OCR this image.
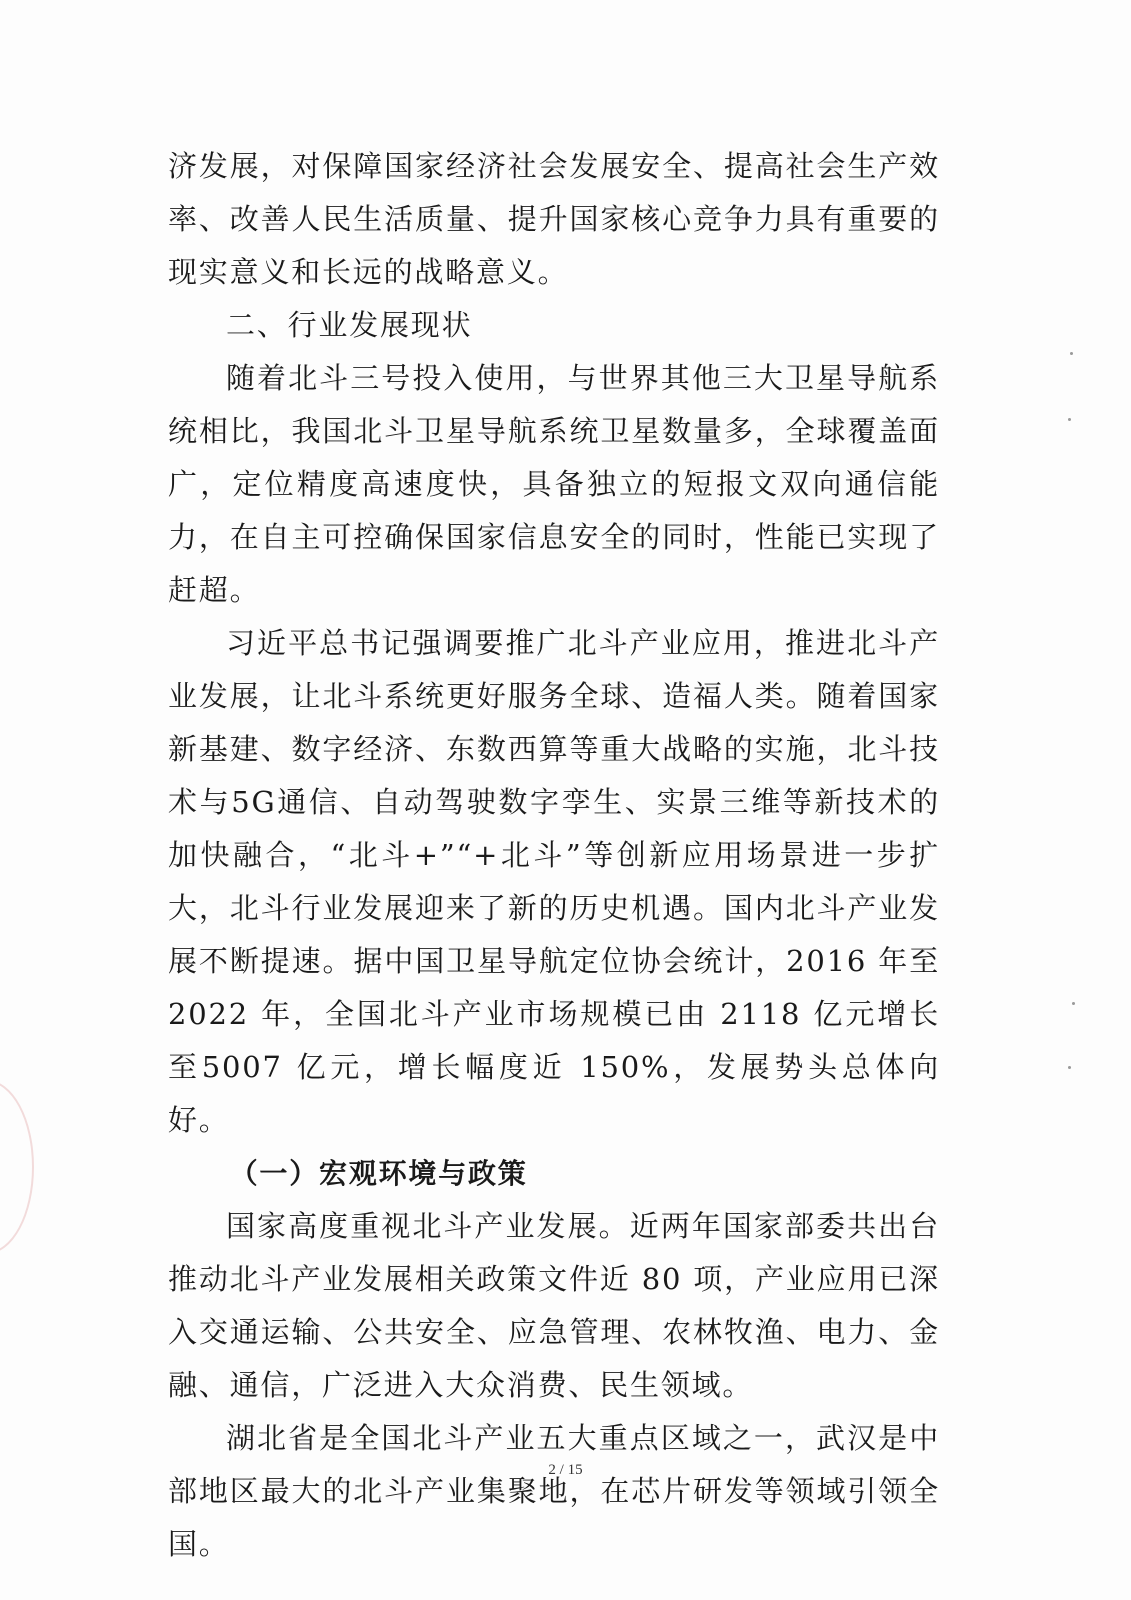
济发展，对保障国家经济社会发展安全、提高社会生产效率、改善人民生活质量、提升国家核心竞争力具有重要的现实意义和长远的战略意义。

二、行业发展现状

随着北斗三号投入使用，与世界其他三大卫星导航系统相比，我国北斗卫星导航系统卫星数量多，全球覆盖面广，定位精度高速度快，具备独立的短报文双向通信能力，在自主可控确保国家信息安全的同时，性能已实现了赶超。

习近平总书记强调要推广北斗产业应用，推进北斗产业发展，让北斗系统更好服务全球、造福人类。随着国家新基建、数字经济、东数西算等重大战略的实施，北斗技术与5G通信、自动驾驶数字孪生、实景三维等新技术的加快融合，“北斗+”“+北斗”等创新应用场景进一步扩大，北斗行业发展迎来了新的历史机遇。国内北斗产业发展不断提速。据中国卫星导航定位协会统计，2016 年至 2022 年，全国北斗产业市场规模已由 2118 亿元增长至5007 亿元，增长幅度近 150%，发展势头总体向好。

（一）宏观环境与政策

国家高度重视北斗产业发展。近两年国家部委共出台推动北斗产业发展相关政策文件近 80 项，产业应用已深入交通运输、公共安全、应急管理、农林牧渔、电力、金融、通信，广泛进入大众消费、民生领域。

湖北省是全国北斗产业五大重点区域之一，武汉是中部地区最大的北斗产业集聚地，在芯片研发等领域引领全国。

2 / 15
